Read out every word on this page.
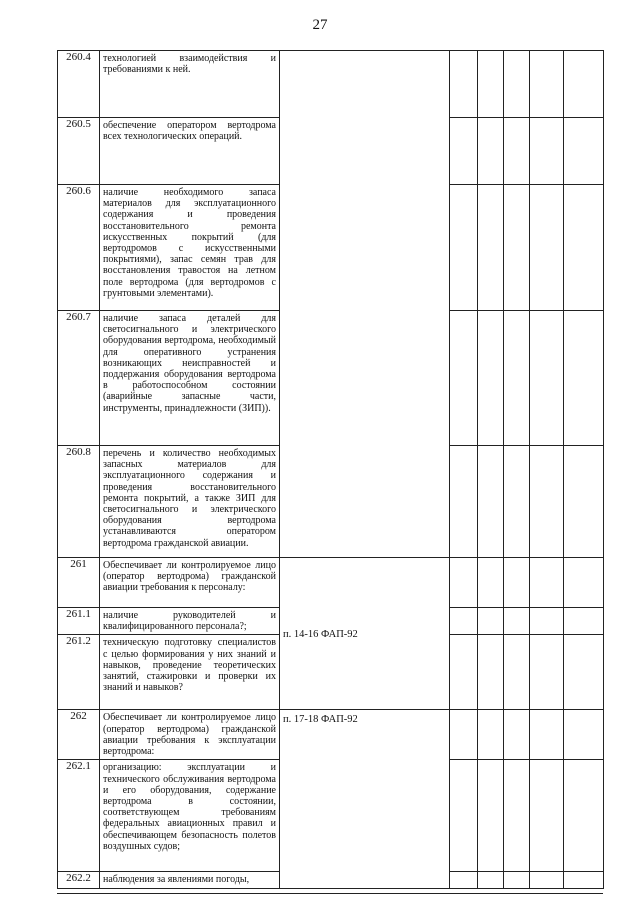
27
260.4	технологией взаимодействия и требованиями к ней.						
260.5	обеспечение оператором вертодрома всех технологических операций.						
260.6	наличие необходимого запаса материалов для эксплуатационного содержания и проведения восстановительного ремонта искусственных покрытий (для вертодромов с искусственными покрытиями), запас семян трав для восстановления травостоя на летном поле вертодрома (для вертодромов с грунтовыми элементами).						
260.7	наличие запаса деталей для светосигнального и электрического оборудования вертодрома, необходимый для оперативного устранения возникающих неисправностей и поддержания оборудования вертодрома в работоспособном состоянии (аварийные запасные части, инструменты, принадлежности (ЗИП)).						
260.8	перечень и количество необходимых запасных материалов для эксплуатационного содержания и проведения восстановительного ремонта покрытий, а также ЗИП для светосигнального и электрического оборудования вертодрома устанавливаются оператором вертодрома гражданской авиации.						
261	Обеспечивает ли контролируемое лицо (оператор вертодрома) гражданской авиации требования к персоналу:	п. 14-16 ФАП-92					
261.1	наличие руководителей и квалифицированного персонала?;						
261.2	техническую подготовку специалистов с целью формирования у них знаний и навыков, проведение теоретических занятий, стажировки и проверки их знаний и навыков?						
262	Обеспечивает ли контролируемое лицо (оператор вертодрома) гражданской авиации требования к эксплуатации вертодрома:	п. 17-18 ФАП-92					
262.1	организацию: эксплуатации и технического обслуживания вертодрома и его оборудования, содержание вертодрома в состоянии, соответствующем требованиям федеральных авиационных правил и обеспечивающем безопасность полетов воздушных судов;						
262.2	наблюдения за явлениями погоды,						
